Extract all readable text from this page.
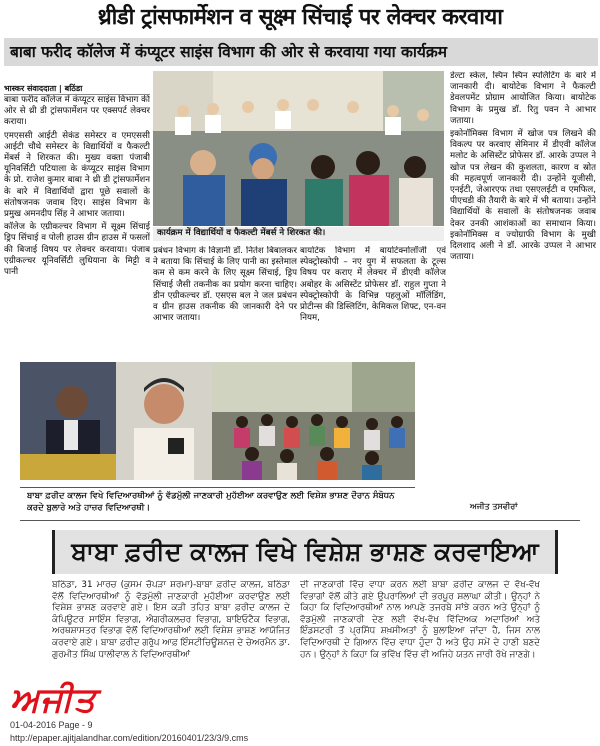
थ्रीडी ट्रांसफार्मेशन व सूक्ष्म सिंचाई पर लेक्चर करवाया
बाबा फरीद कॉलेज में कंप्यूटर साइंस विभाग की ओर से करवाया गया कार्यक्रम
भास्कर संवाददाता | बठिंडा

बाबा फरीद कॉलेज में कंप्यूटर साइंस विभाग की ओर से थ्री डी ट्रांसफार्मेशन पर एक्सपर्ट लेक्चर कराया।

एमएससी आईटी सेकंड समेस्टर व एमएससी आईटी चौथे समेस्टर के विद्यार्थियों व फैकल्टी मेंबर्स ने शिरकत की। मुख्य वक्ता पंजाबी यूनिवर्सिटी पटियाला के कंप्यूटर साइंस विभाग के प्रो. राजेश कुमार बाबा ने थ्री डी ट्रांसफार्मेशन के बारे में विद्यार्थियों द्वारा पूछे सवालों के संतोषजनक जवाब दिए। साइंस विभाग के प्रमुख अमनदीप सिंह ने आभार जताया।

कॉलेज के एग्रीकल्चर विभाग में सूक्ष्म सिंचाई ड्रिप सिंचाई व पोली हाउस ग्रीन हाउस में फसलों की बिजाई विषय पर लेक्चर करवाया। पंजाब एग्रीकल्चर यूनिवर्सिटी लुधियाना के मिट्टी व पानी

कार्यक्रम में विद्यार्थियों व फैकल्टी मेंबर्स ने शिरकत की।
प्रबंधन विभाग के विज्ञानी डॉ. नितेश बिबालकर ने बताया कि सिंचाई के लिए पानी का इस्तेमाल कम से कम करने के लिए सूक्ष्म सिंचाई, ड्रिप सिंचाई जैसी तकनीक का प्रयोग करना चाहिए। डीन एग्रीकल्चर डॉ. एसएस बल ने जल प्रबंधन व ग्रीन हाउस तकनीक की जानकारी देने पर आभार जताया।
बायोटेक विभाग में बायोटेक्नोलॉजी एवं स्पेक्ट्रोस्कोपी – नए युग में सफलता के टूल्स विषय पर कराए में लेक्चर में डीएवी कॉलेज अबोहर के असिस्टेंट प्रोफेसर डॉ. राहुल गुप्ता ने स्पेक्ट्रोस्कोपी के विभिन्न पहलुओं मॉलिंडिंग, प्रोटीन्स की डिस्लिटिंग, केमिकल शिफ्ट, एन-वन नियम,

डेल्टा स्केल, स्पिन स्पिन स्पलिटिंग के बारे में जानकारी दी। बायोटेक विभाग ने फैकल्टी डेवलपमेंट प्रोग्राम आयोजित किया। बायोटेक विभाग के प्रमुख डॉ. रितु पवन ने आभार जताया।

इकोनॉमिक्स विभाग में खोज पत्र लिखने की विकल्प पर करवाए सेमिनार में डीएवी कॉलेज मलोट के असिस्टेंट प्रोफेसर डॉ. आरके उप्पल ने खोज पत्र लेखन की कुशलता, कारण व स्रोत की महत्वपूर्ण जानकारी दी। उन्होंने यूजीसी, एनईटी, जेआरएफ तथा एसएलईटी व एमफिल, पीएचडी की तैयारी के बारे में भी बताया। उन्होंने विद्यार्थियों के सवालों के संतोषजनक जवाब देकर उनकी आशंकाओं का समाधान किया। इकोनॉमिक्स व ज्योग्राफी विभाग के मुखी दिलशाद अली ने डॉ. आरके उप्पल ने आभार जताया।

ਬਾਬਾ ਫ਼ਰੀਦ ਕਾਲਜ ਵਿਖੇ ਵਿਦਿਆਰਥੀਆਂ ਨੂੰ ਵੱਡਮੁੱਲੀ ਜਾਣਕਾਰੀ ਮੁਹੱਈਆ ਕਰਵਾਉਣ ਲਈ ਵਿਸ਼ੇਸ਼ ਭਾਸ਼ਣ ਦੌਰਾਨ ਸੰਬੋਧਨ ਕਰਦੇ ਬੁਲਾਰੇ ਅਤੇ ਹਾਜ਼ਰ ਵਿਦਿਆਰਥੀ।	ਅਜੀਤ ਤਸਵੀਰਾਂ
ਬਾਬਾ ਫ਼ਰੀਦ ਕਾਲਜ ਵਿਖੇ ਵਿਸ਼ੇਸ਼ ਭਾਸ਼ਣ ਕਰਵਾਇਆ
ਬਠਿੰਡਾ, 31 ਮਾਰਚ (ਕੁਸਮ ਚੋਪੜਾ ਸ਼ਰਮਾ)-ਬਾਬਾ ਫ਼ਰੀਦ ਕਾਲਜ, ਬਠਿੰਡਾ ਵੱਲੋਂ ਵਿਦਿਆਰਥੀਆਂ ਨੂੰ ਵੱਡਮੁੱਲੀ ਜਾਣਕਾਰੀ ਮੁਹੱਈਆ ਕਰਵਾਉਣ ਲਈ ਵਿਸ਼ੇਸ਼ ਭਾਸ਼ਣ ਕਰਵਾਏ ਗਏ। ਇਸ ਕੜੀ ਤਹਿਤ ਬਾਬਾ ਫ਼ਰੀਦ ਕਾਲਜ ਦੇ ਕੰਪਿਊਟਰ ਸਾਇੰਸ ਵਿਭਾਗ, ਐਗਰੀਕਲਚਰ ਵਿਭਾਗ, ਬਾਇਓਟੈਕ ਵਿਭਾਗ, ਅਰਥਸ਼ਾਸਤਰ ਵਿਭਾਗ ਵੱਲੋਂ ਵਿਦਿਆਰਥੀਆਂ ਲਈ ਵਿਸ਼ੇਸ਼ ਭਾਸ਼ਣ ਆਯੋਜਿਤ ਕਰਵਾਏ ਗਏ। ਬਾਬਾ ਫ਼ਰੀਦ ਗਰੁੱਪ ਆਫ਼ ਇੰਸਟੀਚਿਊਸ਼ਨਜ਼ ਦੇ ਚੇਅਰਮੈਨ ਡਾ. ਗੁਰਮੀਤ ਸਿੰਘ ਧਾਲੀਵਾਲ ਨੇ ਵਿਦਿਆਰਥੀਆਂ
ਦੀ ਜਾਣਕਾਰੀ ਵਿੱਚ ਵਾਧਾ ਕਰਨ ਲਈ ਬਾਬਾ ਫ਼ਰੀਦ ਕਾਲਜ ਦੇ ਵੱਖ-ਵੱਖ ਵਿਭਾਗਾਂ ਵੱਲੋਂ ਕੀਤੇ ਗਏ ਉਪਰਾਲਿਆਂ ਦੀ ਭਰਪੂਰ ਸ਼ਲਾਘਾ ਕੀਤੀ। ਉਨ੍ਹਾਂ ਨੇ ਕਿਹਾ ਕਿ ਵਿਦਿਆਰਥੀਆਂ ਨਾਲ ਆਪਣੇ ਤਜਰਬੇ ਸਾਂਝੇ ਕਰਨ ਅਤੇ ਉਨ੍ਹਾਂ ਨੂੰ ਵੱਡਮੁੱਲੀ ਜਾਣਕਾਰੀ ਦੇਣ ਲਈ ਵੱਖ-ਵੱਖ ਵਿੱਦਿਅਕ ਅਦਾਰਿਆਂ ਅਤੇ ਇੰਡਸਟਰੀ ਤੋਂ ਪ੍ਰਸਿੱਧ ਸ਼ਖ਼ਸੀਅਤਾਂ ਨੂੰ ਬੁਲਾਇਆ ਜਾਂਦਾ ਹੈ, ਜਿਸ ਨਾਲ ਵਿਦਿਆਰਥੀ ਦੇ ਗਿਆਨ ਵਿੱਚ ਵਾਧਾ ਹੁੰਦਾ ਹੈ ਅਤੇ ਉਹ ਸਮੇਂ ਦੇ ਹਾਣੀ ਬਣਦੇ ਹਨ। ਉਨ੍ਹਾਂ ਨੇ ਕਿਹਾ ਕਿ ਭਵਿੱਖ ਵਿੱਚ ਵੀ ਅਜਿਹੇ ਯਤਨ ਜਾਰੀ ਰੱਖੇ ਜਾਣਗੇ।
ਅਜੀਤ
01-04-2016 Page - 9
http://epaper.ajitjalandhar.com/edition/20160401/23/3/9.cms
